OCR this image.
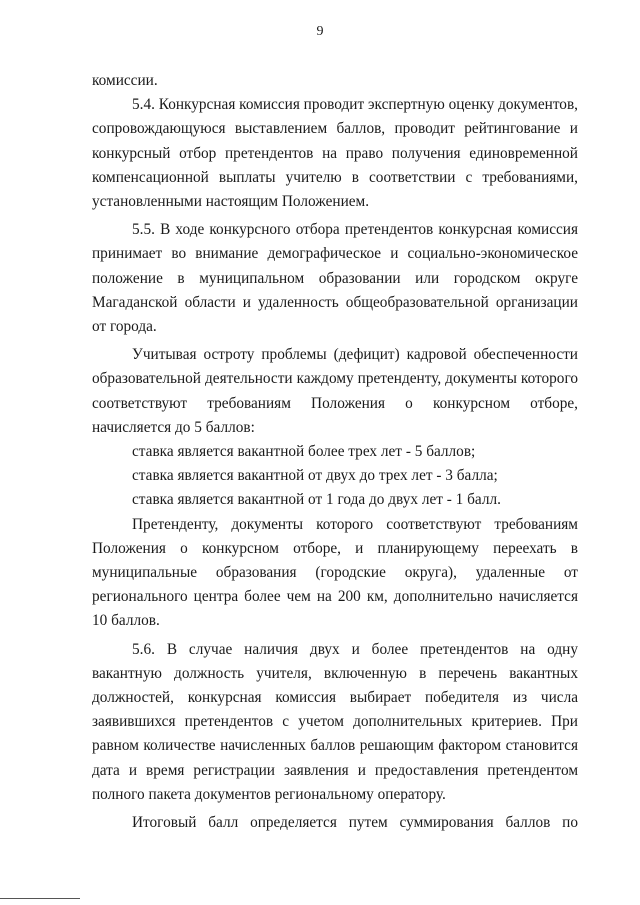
9

комиссии.

5.4. Конкурсная комиссия проводит экспертную оценку документов, сопровождающуюся выставлением баллов, проводит рейтингование и конкурсный отбор претендентов на право получения единовременной компенсационной выплаты учителю в соответствии с требованиями, установленными настоящим Положением.

5.5. В ходе конкурсного отбора претендентов конкурсная комиссия принимает во внимание демографическое и социально-экономическое положение в муниципальном образовании или городском округе Магаданской области и удаленность общеобразовательной организации от города.

Учитывая остроту проблемы (дефицит) кадровой обеспеченности образовательной деятельности каждому претенденту, документы которого соответствуют требованиям Положения о конкурсном отборе, начисляется до 5 баллов:

ставка является вакантной более трех лет - 5 баллов;

ставка является вакантной от двух до трех лет - 3 балла;

ставка является вакантной от 1 года до двух лет - 1 балл.

Претенденту, документы которого соответствуют требованиям Положения о конкурсном отборе, и планирующему переехать в муниципальные образования (городские округа), удаленные от регионального центра более чем на 200 км, дополнительно начисляется 10 баллов.

5.6. В случае наличия двух и более претендентов на одну вакантную должность учителя, включенную в перечень вакантных должностей, конкурсная комиссия выбирает победителя из числа заявившихся претендентов с учетом дополнительных критериев. При равном количестве начисленных баллов решающим фактором становится дата и время регистрации заявления и предоставления претендентом полного пакета документов региональному оператору.

Итоговый балл определяется путем суммирования баллов по
